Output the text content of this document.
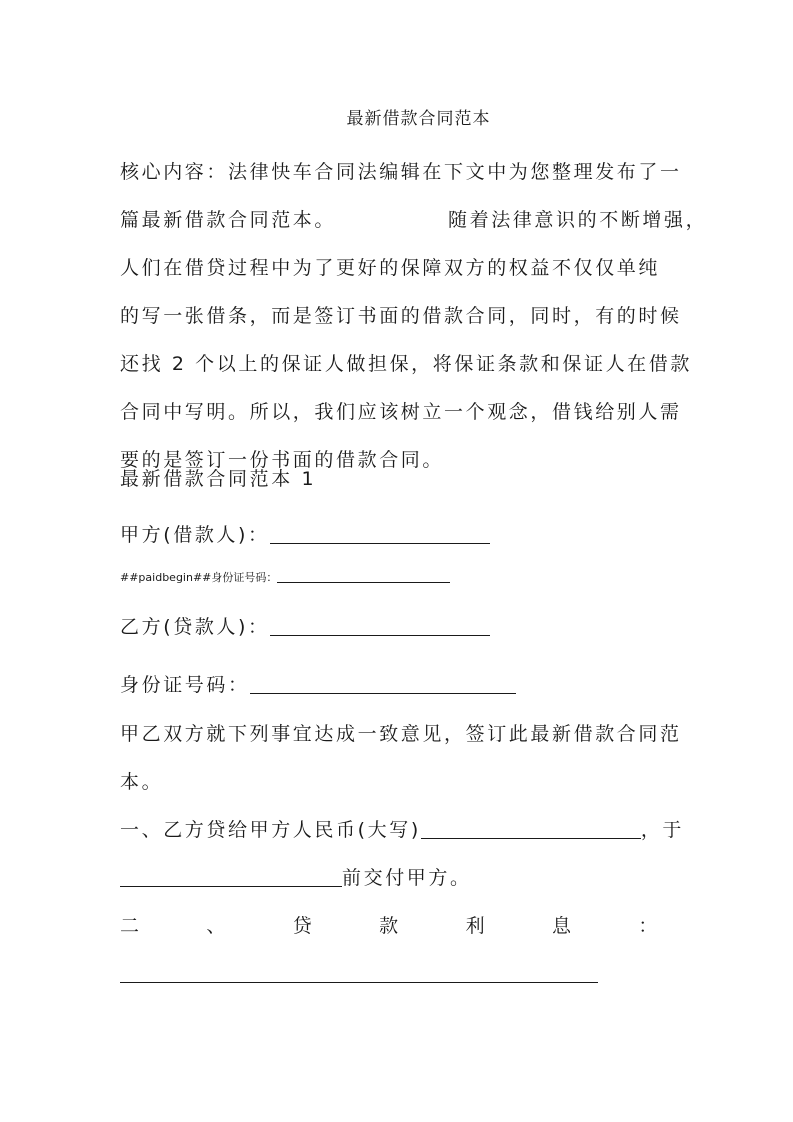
最新借款合同范本
核心内容：法律快车合同法编辑在下文中为您整理发布了一
篇最新借款合同范本。	随着法律意识的不断增强，
人们在借贷过程中为了更好的保障双方的权益不仅仅单纯
的写一张借条，而是签订书面的借款合同，同时，有的时候
还找 2 个以上的保证人做担保，将保证条款和保证人在借款
合同中写明。所以，我们应该树立一个观念，借钱给别人需
要的是签订一份书面的借款合同。
最新借款合同范本 1
甲方(借款人)：
##paidbegin##身份证号码：
乙方(贷款人)：
身份证号码：
甲乙双方就下列事宜达成一致意见，签订此最新借款合同范
本。
一、乙方贷给甲方人民币(大写)	，于
前交付甲方。
二	、	贷	款	利	息	：
